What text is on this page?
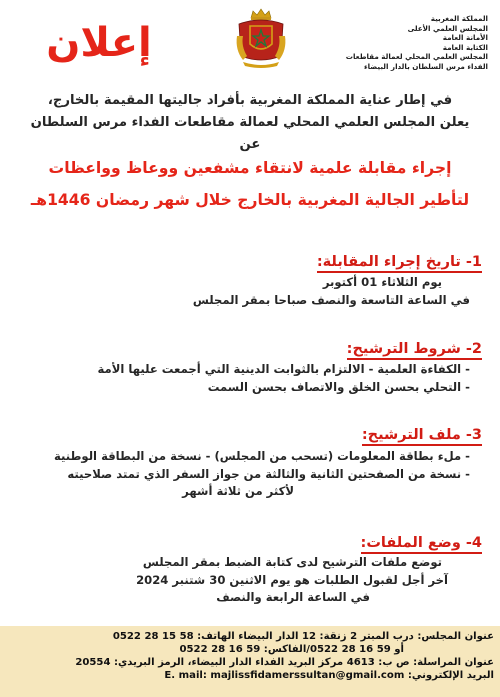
المملكة المغربية
المجلس العلمي الأعلى
الأمانة العامة
الكتابة العامة
المجلس العلمي المحلي لعمالة مقاطعات
الفداء مرس السلطان بالدار البيضاء
إعلان
في إطار عناية المملكة المغربية بأفراد جاليتها المقيمة بالخارج،
يعلن المجلس العلمي المحلي لعمالة مقاطعات الفداء مرس السلطان عن
إجراء مقابلة علمية لانتقاء مشفعين ووعاظ وواعظات
لتأطير الجالية المغربية بالخارج خلال شهر رمضان 1446هـ
1- تاريخ إجراء المقابلة:
يوم الثلاثاء 01 أكتوبر
في الساعة التاسعة والنصف صباحا بمقر المجلس
2- شروط الترشيح:
- الكفاءة العلمية - الالتزام بالثوابت الدينية التي أجمعت عليها الأمة
- التحلي بحسن الخلق والاتصاف بحسن السمت
3- ملف الترشيح:
- ملء بطاقة المعلومات (تسحب من المجلس) - نسخة من البطاقة الوطنية
- نسخة من الصفحتين الثانية والثالثة من جواز السفر الذي تمتد صلاحيته
لأكثر من ثلاثة أشهر
4- وضع الملفات:
توضع ملفات الترشيح لدى كتابة الضبط بمقر المجلس
آخر أجل لقبول الطلبات هو يوم الاثنين 30 شتنبر 2024
في الساعة الرابعة والنصف
عنوان المجلس: درب المبتر 2 زنقة: 12 الدار البيضاء الهاتف: 58 15 28 0522
أو 59 16 28 0522/الفاكس: 59 16 28 0522
عنوان المراسلة: ص ب: 4613 مركز البريد الفداء الدار البيضاء، الرمز البريدي: 20554
البريد الإلكتروني: E. mail: majlissfidamerssultan@gmail.com
